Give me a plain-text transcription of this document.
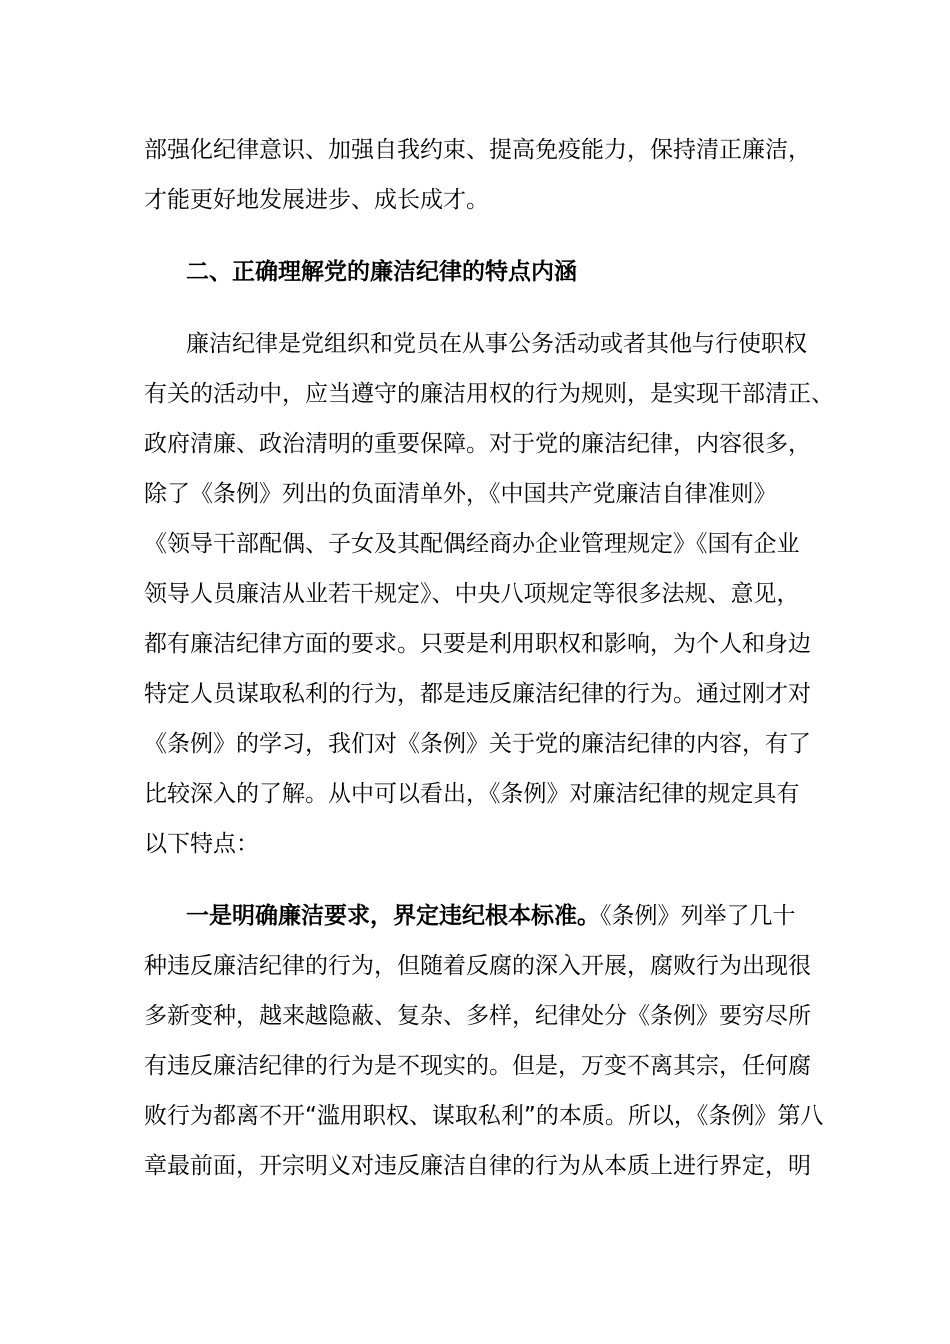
部强化纪律意识、加强自我约束、提高免疫能力，保持清正廉洁，
才能更好地发展进步、成长成才。
二、正确理解党的廉洁纪律的特点内涵
廉洁纪律是党组织和党员在从事公务活动或者其他与行使职权
有关的活动中，应当遵守的廉洁用权的行为规则，是实现干部清正、
政府清廉、政治清明的重要保障。对于党的廉洁纪律，内容很多，
除了《条例》列出的负面清单外，《中国共产党廉洁自律准则》
《领导干部配偶、子女及其配偶经商办企业管理规定》《国有企业
领导人员廉洁从业若干规定》、中央八项规定等很多法规、意见，
都有廉洁纪律方面的要求。只要是利用职权和影响，为个人和身边
特定人员谋取私利的行为，都是违反廉洁纪律的行为。通过刚才对
《条例》的学习，我们对《条例》关于党的廉洁纪律的内容，有了
比较深入的了解。从中可以看出，《条例》对廉洁纪律的规定具有
以下特点：
一是明确廉洁要求，界定违纪根本标准。《条例》列举了几十
种违反廉洁纪律的行为，但随着反腐的深入开展，腐败行为出现很
多新变种，越来越隐蔽、复杂、多样，纪律处分《条例》要穷尽所
有违反廉洁纪律的行为是不现实的。但是，万变不离其宗，任何腐
败行为都离不开“滥用职权、谋取私利”的本质。所以，《条例》第八
章最前面，开宗明义对违反廉洁自律的行为从本质上进行界定，明
